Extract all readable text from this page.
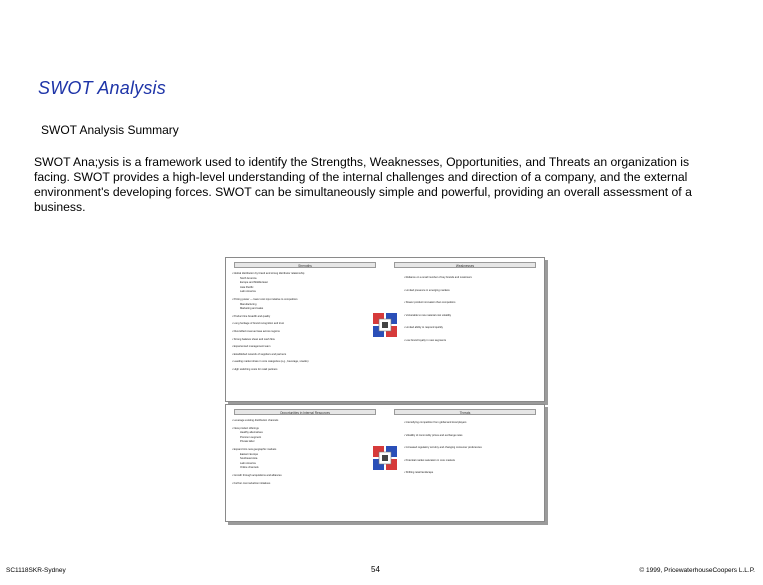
SWOT Analysis
SWOT Analysis Summary

SWOT Ana;ysis is a framework used to identify the Strengths, Weaknesses, Opportunities, and Threats an organization is facing. SWOT provides a high-level understanding of the internal challenges and direction of a company, and the external environment's developing forces. SWOT can be simultaneously simple and powerful, providing an overall assessment of a business.

Strengths	Weaknesses
• Global distribution by brand and strong distributor relationship
North America
Europe and Middle East
Asia Pacific
Latin America
• Pricing power — lower cost input relative to competitors
Manufacturing
Marketing and sales
• Product line breadth and quality
• Long heritage of brand recognition and trust
• Diversified revenue base across regions
• Strong balance sheet and cash flow
• Experienced management team
• Established network of suppliers and partners
• Leading market share in core categories (e.g., beverage, snacks)
• High switching costs for retail partners
• Reliance on a small number of key brands and customers
• Limited presence in emerging markets
• Slower product innovation than competitors
• Vulnerable to raw material cost volatility
• Limited ability to respond quickly
• Low brand loyalty in new segments
Opportunities in Internal Resources	Threats
• Leverage existing distribution channels
• New product offerings
Healthy alternatives
Premium segment
Private label
• Expand into new geographic markets
Eastern Europe
Southeast Asia
Latin America
Online channels
• Growth through acquisitions and alliances
• Further cost reduction initiatives
• Intensifying competition from global and local players
• Volatility of commodity prices and exchange rates
• Increased regulatory scrutiny and changing consumer preferences
• Potential market saturation in core markets
• Shifting retail landscape
SC1118SKR-Sydney	54	© 1999, PricewaterhouseCoopers L.L.P.
